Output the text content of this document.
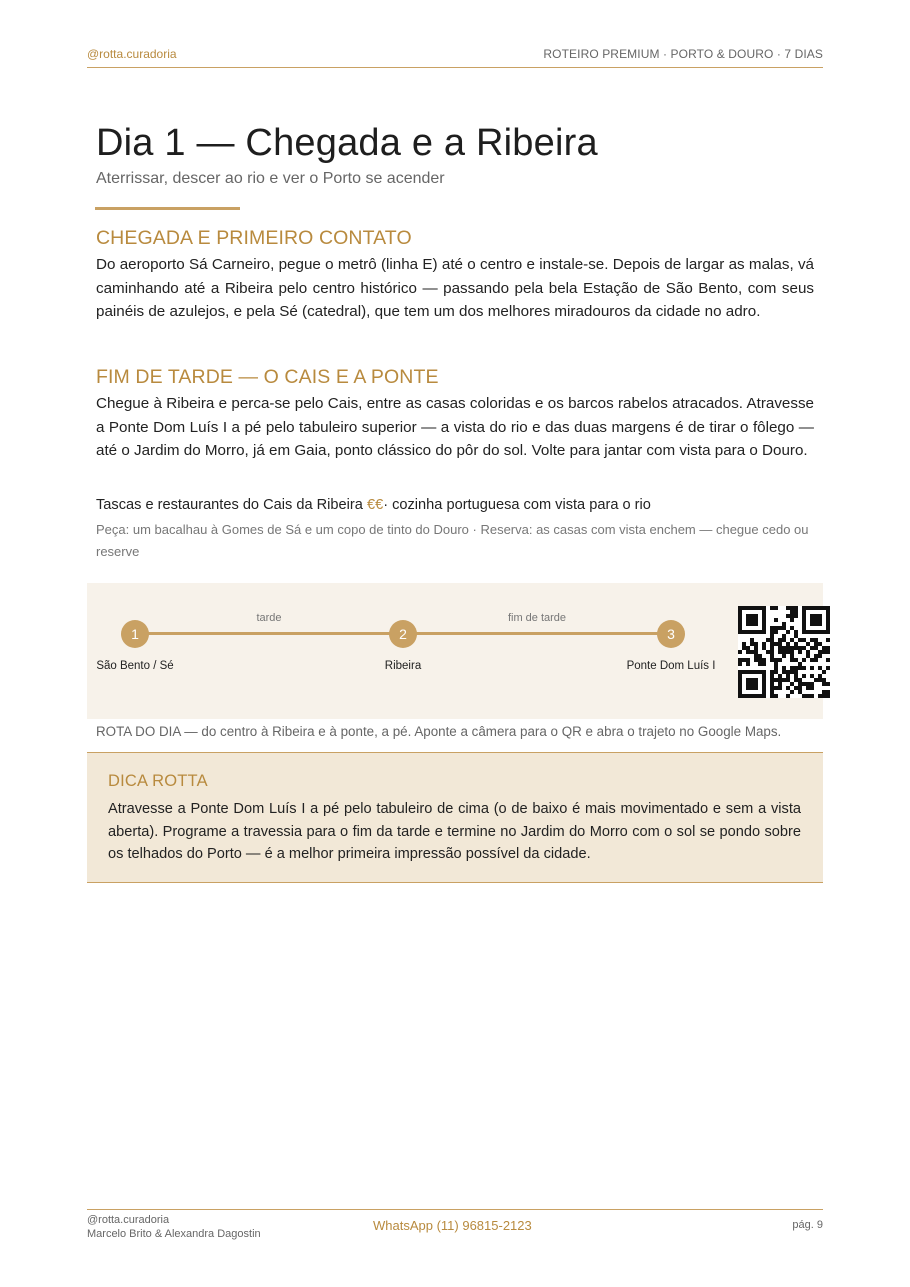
@rotta.curadoria	ROTEIRO PREMIUM · PORTO & DOURO · 7 DIAS
Dia 1 — Chegada e a Ribeira
Aterrissar, descer ao rio e ver o Porto se acender
CHEGADA E PRIMEIRO CONTATO

Do aeroporto Sá Carneiro, pegue o metrô (linha E) até o centro e instale-se. Depois de largar as malas, vá caminhando até a Ribeira pelo centro histórico — passando pela bela Estação de São Bento, com seus painéis de azulejos, e pela Sé (catedral), que tem um dos melhores miradouros da cidade no adro.

FIM DE TARDE — O CAIS E A PONTE

Chegue à Ribeira e perca-se pelo Cais, entre as casas coloridas e os barcos rabelos atracados. Atravesse a Ponte Dom Luís I a pé pelo tabuleiro superior — a vista do rio e das duas margens é de tirar o fôlego — até o Jardim do Morro, já em Gaia, ponto clássico do pôr do sol. Volte para jantar com vista para o Douro.

Tascas e restaurantes do Cais da Ribeira €€· cozinha portuguesa com vista para o rio
Peça: um bacalhau à Gomes de Sá e um copo de tinto do Douro · Reserva: as casas com vista enchem — chegue cedo ou reserve
tarde	fim de tarde
1	2	3
São Bento / Sé	Ribeira	Ponte Dom Luís I
ROTA DO DIA — do centro à Ribeira e à ponte, a pé. Aponte a câmera para o QR e abra o trajeto no Google Maps.
DICA ROTTA

Atravesse a Ponte Dom Luís I a pé pelo tabuleiro de cima (o de baixo é mais movimentado e sem a vista aberta). Programe a travessia para o fim da tarde e termine no Jardim do Morro com o sol se pondo sobre os telhados do Porto — é a melhor primeira impressão possível da cidade.

@rotta.curadoria
Marcelo Brito & Alexandra Dagostin
WhatsApp (11) 96815-2123	pág. 9
